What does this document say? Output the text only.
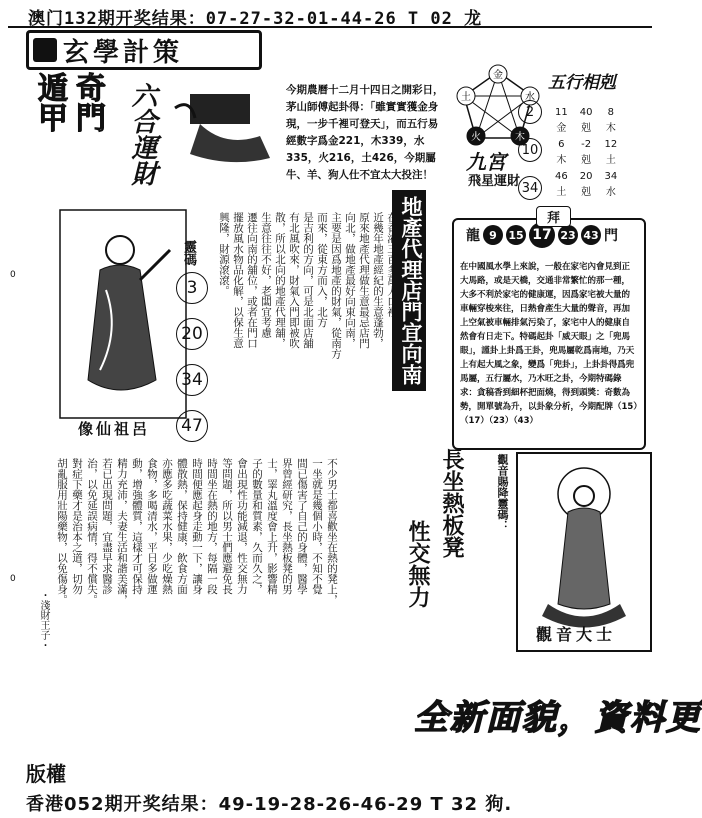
澳门132期开奖结果：07-27-32-01-44-26 T 02 龙
玄學計策
遁甲 奇門 六合運財	今期農曆十二月十四日之開彩日，茅山師傅起卦得：「雖實實獲金身現，一步千裡可登天」，而五行易經數字爲金221，木339，水335，火216，土426，今期屬牛、羊、狗人仕不宜太大投注！
金
水
木
火
土
九宮
飛星運財
2
10
34
五行相剋
11	40	8
金	剋	木
6	-2	12
木	剋	土
46	20	34
土	剋	水
像仙祖呂
靈碼
3
20
34
47
近幾年地產經紀的生意蓬勃，
原來地產代理做生意最忌店門
向北，做地產最好向東向南，
主要是因爲地產的財氣，從南方
而來，從東方而入，北方
是吉利的方向，可是北面店舖
有北風吹來，財氣入門即被吹
散，所以北向的地產代理舖，
生意往往不好，老闆宜考慮
遷往向南的舖位，或者在門口
擺放風水物品化解，以保生意
興隆，財源滾滾。	地產代理店門宜向南	龍 9	15 17 23 43 門
拜
在中國風水學上來說，一般在家宅內會見到正大馬路，或是天橋，交通非常繁忙的那一種，大多不利於家宅的健康運，因爲家宅被大量的車輛穿梭來往，日熱會產生大量的聲音，再加上空氣被車輛排氣污染了，家宅中人的健康自然會有日走下。特碼起卦「威天眼」之「兜馬眼」，謹卦上卦爲王卦，兜馬屬乾爲南地，乃天上有起大風之象，變爲「兜卦」，上卦卦得爲兜馬屬，五行屬水，乃木旺之卦，今期特碼錄求：貪稿香到細杯把面燒，得到頭獎：奇數為勢，開單號為升，以卦象分析，今期配牌（15）（17）（23）（43）
長坐熱板凳
性交無力
不少男士都喜歡坐在熱的凳上，
一坐就是幾個小時，不知不覺
間已傷害了自己的身體，醫學
界曾經研究，長坐熱板凳的男
士，睪丸溫度會上升，影響精
子的數量和質素，久而久之，
會出現性功能減退，性交無力
等問題，所以男士們應避免長
時間坐在熱的地方，每隔一段
時間便應起身走動一下，讓身
體散熱，保持健康，飲食方面
亦應多吃蔬菜水果，少吃燥熱
食物，多喝清水，平日多做運
動，增強體質，這樣才可保持
精力充沛，夫妻生活和諧美滿，
若已出現問題，宜盡早求醫診
治，以免延誤病情，得不償失。
對症下藥才是治本之道，切勿
胡亂服用壯陽藥物，以免傷身。
・淺財王子・
觀音賜降靈碼：
觀音大士
全新面貌，資料更
版權
香港052期开奖结果：49-19-28-26-46-29 T 32 狗.
0
0
